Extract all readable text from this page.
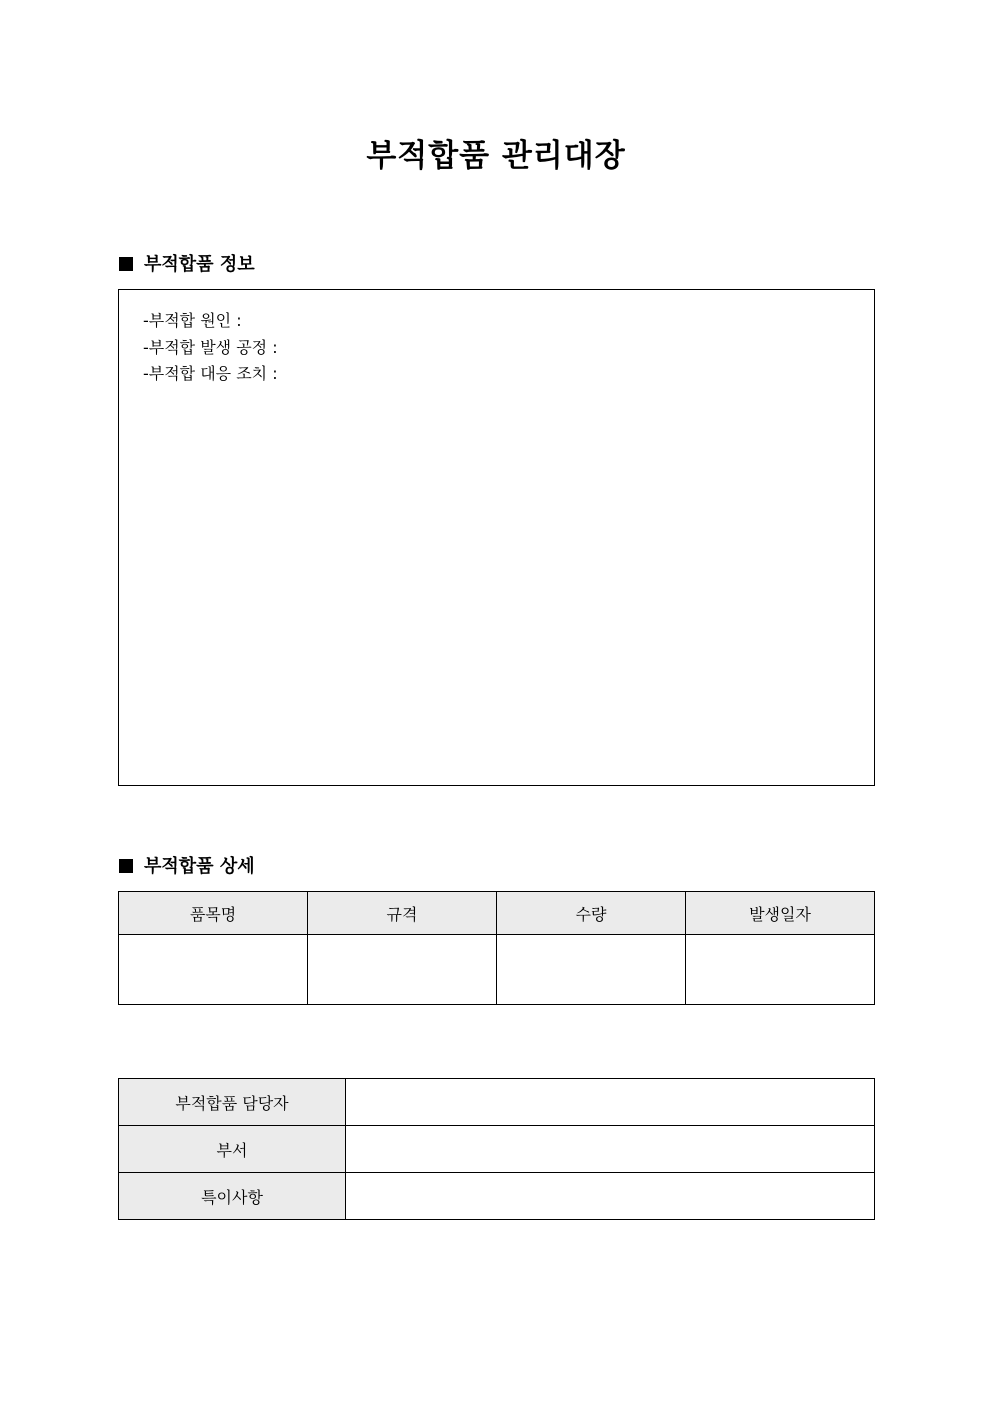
부적합품 관리대장
부적합품 정보
-부적합 원인 :
-부적합 발생 공정 :
-부적합 대응 조치 :
부적합품 상세
품목명	규격	수량	발생일자

부적합품 담당자	
부서	
특이사항	
